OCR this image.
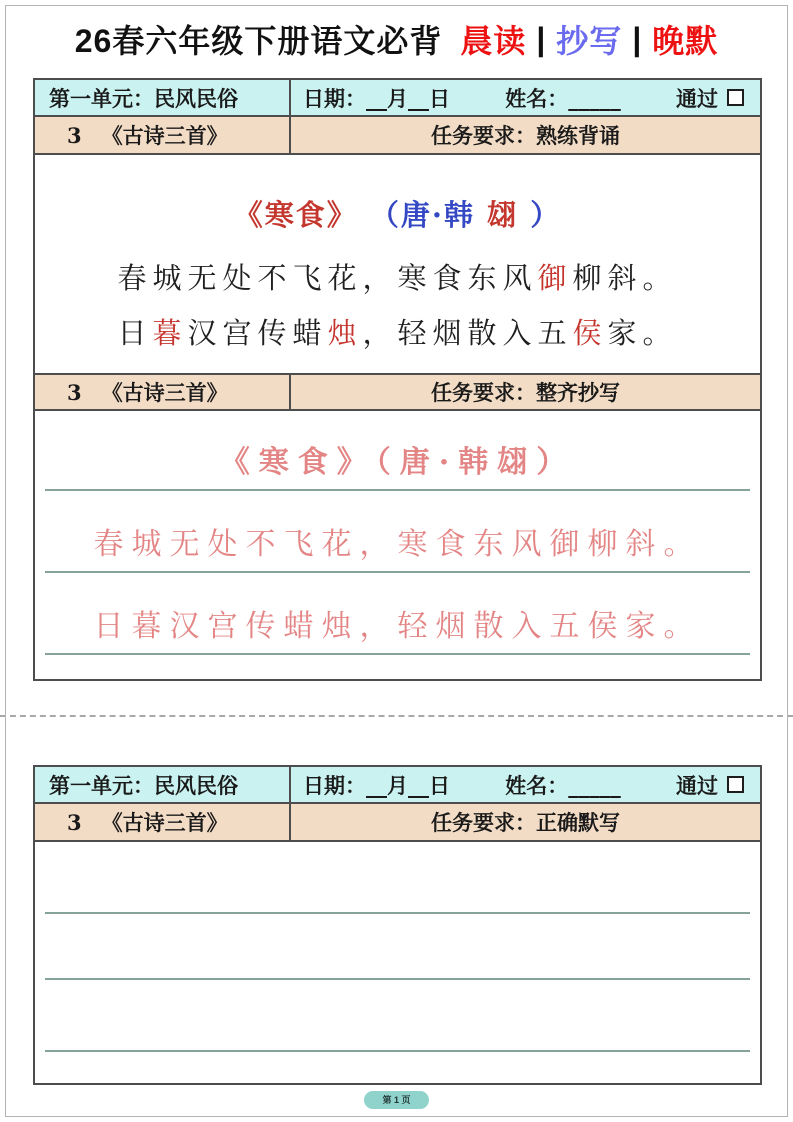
26春六年级下册语文必背 晨读 | 抄写 | 晚默
第一单元：民风民俗	日期：__月__日	姓名：_____	通过
3 《古诗三首》	任务要求：熟练背诵
《寒食》 （唐·韩 翃 ）
春城无处不飞花，寒食东风御柳斜。
日暮汉宫传蜡烛，轻烟散入五侯家。
3 《古诗三首》	任务要求：整齐抄写
《寒食》（唐·韩翃）
春城无处不飞花，寒食东风御柳斜。
日暮汉宫传蜡烛，轻烟散入五侯家。
第一单元：民风民俗	日期：__月__日	姓名：_____	通过
3 《古诗三首》	任务要求：正确默写
第 1 页
